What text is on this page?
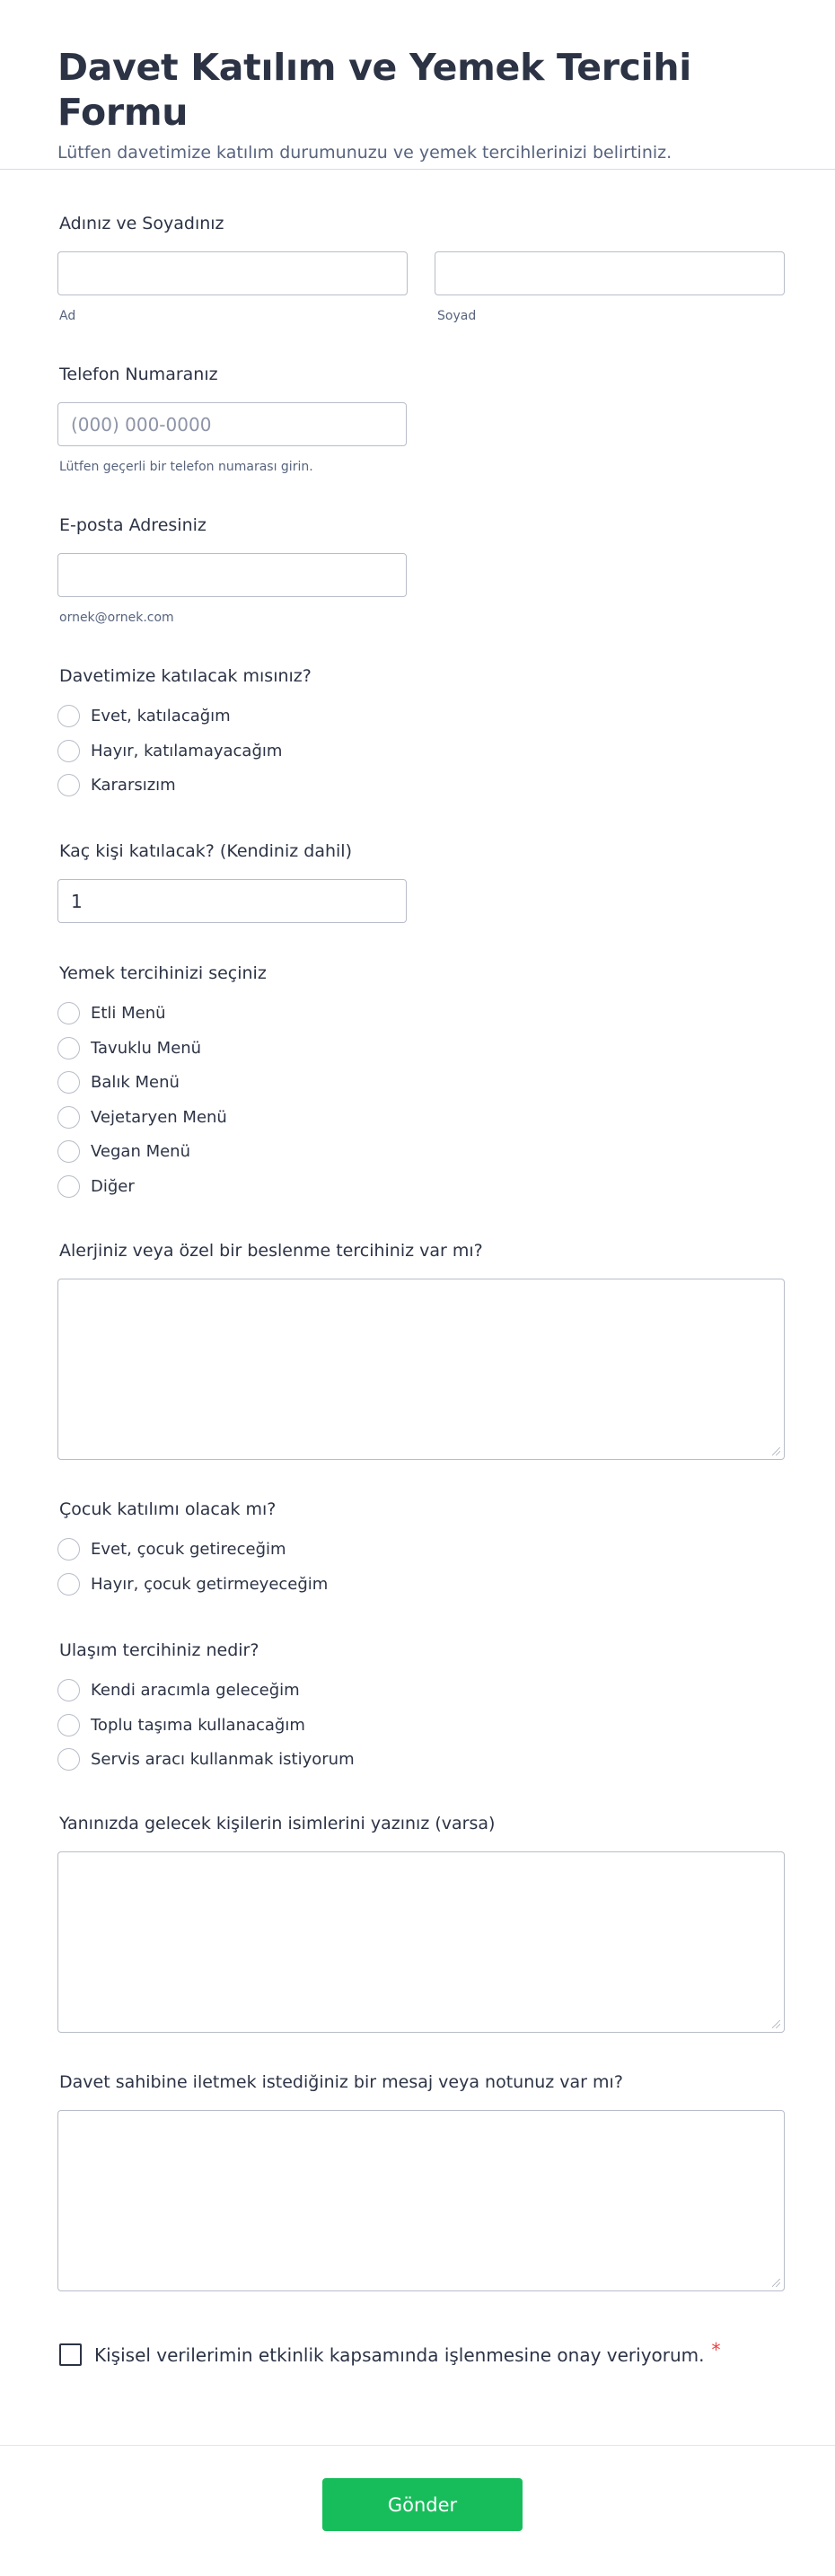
Davet Katılım ve Yemek Tercihi Formu

Lütfen davetimize katılım durumunuzu ve yemek tercihlerinizi belirtiniz.

Adınız ve Soyadınız
Ad	Soyad
Telefon Numaranız
(000) 000-0000
Lütfen geçerli bir telefon numarası girin.
E-posta Adresiniz
ornek@ornek.com
Davetimize katılacak mısınız?
Evet, katılacağım
Hayır, katılamayacağım
Kararsızım
Kaç kişi katılacak? (Kendiniz dahil)
1
Yemek tercihinizi seçiniz
Etli Menü
Tavuklu Menü
Balık Menü
Vejetaryen Menü
Vegan Menü
Diğer
Alerjiniz veya özel bir beslenme tercihiniz var mı?
Çocuk katılımı olacak mı?
Evet, çocuk getireceğim
Hayır, çocuk getirmeyeceğim
Ulaşım tercihiniz nedir?
Kendi aracımla geleceğim
Toplu taşıma kullanacağım
Servis aracı kullanmak istiyorum
Yanınızda gelecek kişilerin isimlerini yazınız (varsa)
Davet sahibine iletmek istediğiniz bir mesaj veya notunuz var mı?
Kişisel verilerimin etkinlik kapsamında işlenmesine onay veriyorum. *
Gönder
